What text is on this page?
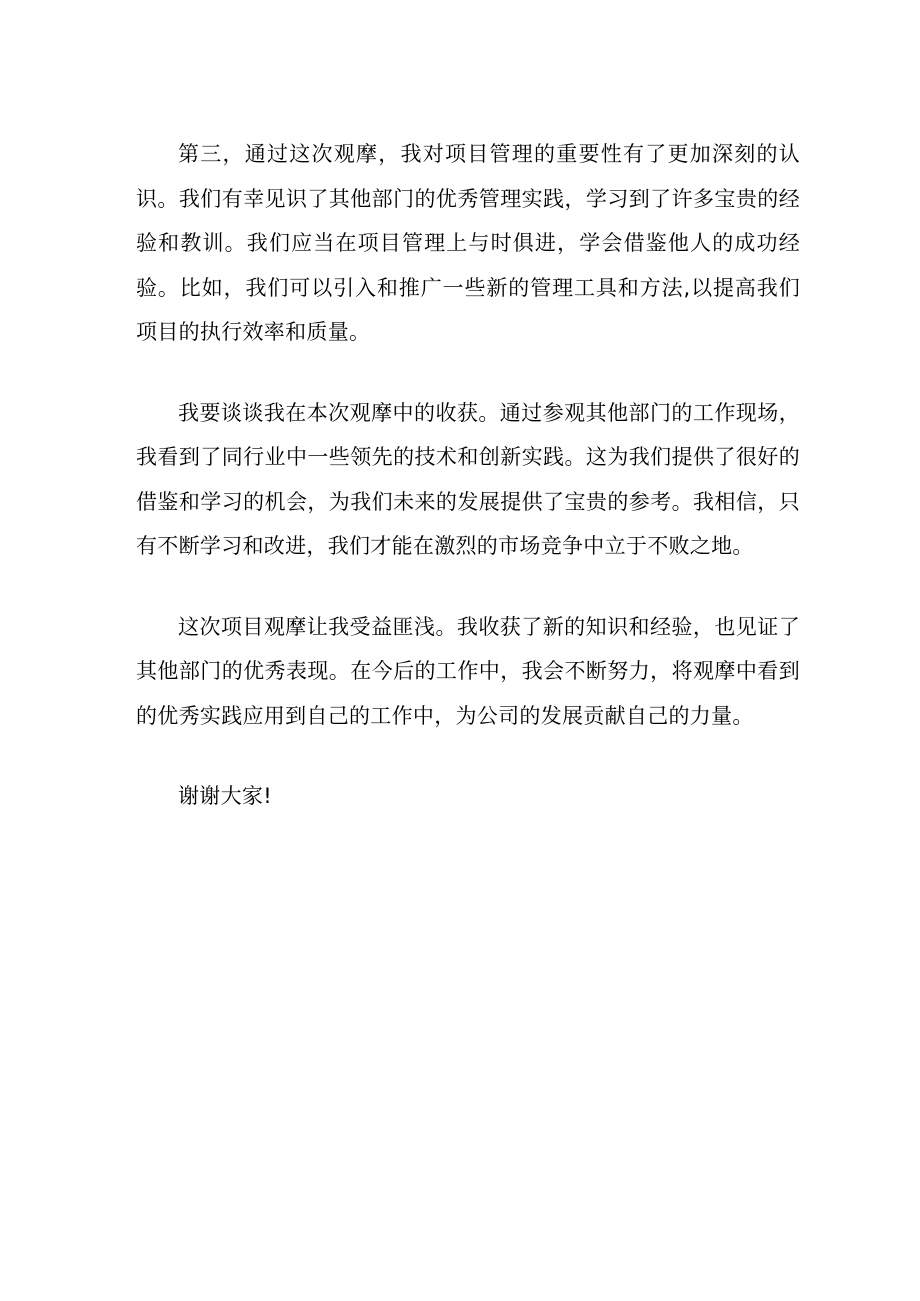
第三，通过这次观摩，我对项目管理的重要性有了更加深刻的认识。我们有幸见识了其他部门的优秀管理实践，学习到了许多宝贵的经验和教训。我们应当在项目管理上与时俱进，学会借鉴他人的成功经验。比如，我们可以引入和推广一些新的管理工具和方法,以提高我们项目的执行效率和质量。

我要谈谈我在本次观摩中的收获。通过参观其他部门的工作现场，我看到了同行业中一些领先的技术和创新实践。这为我们提供了很好的借鉴和学习的机会，为我们未来的发展提供了宝贵的参考。我相信，只有不断学习和改进，我们才能在激烈的市场竞争中立于不败之地。

这次项目观摩让我受益匪浅。我收获了新的知识和经验，也见证了其他部门的优秀表现。在今后的工作中，我会不断努力，将观摩中看到的优秀实践应用到自己的工作中，为公司的发展贡献自己的力量。

谢谢大家!
